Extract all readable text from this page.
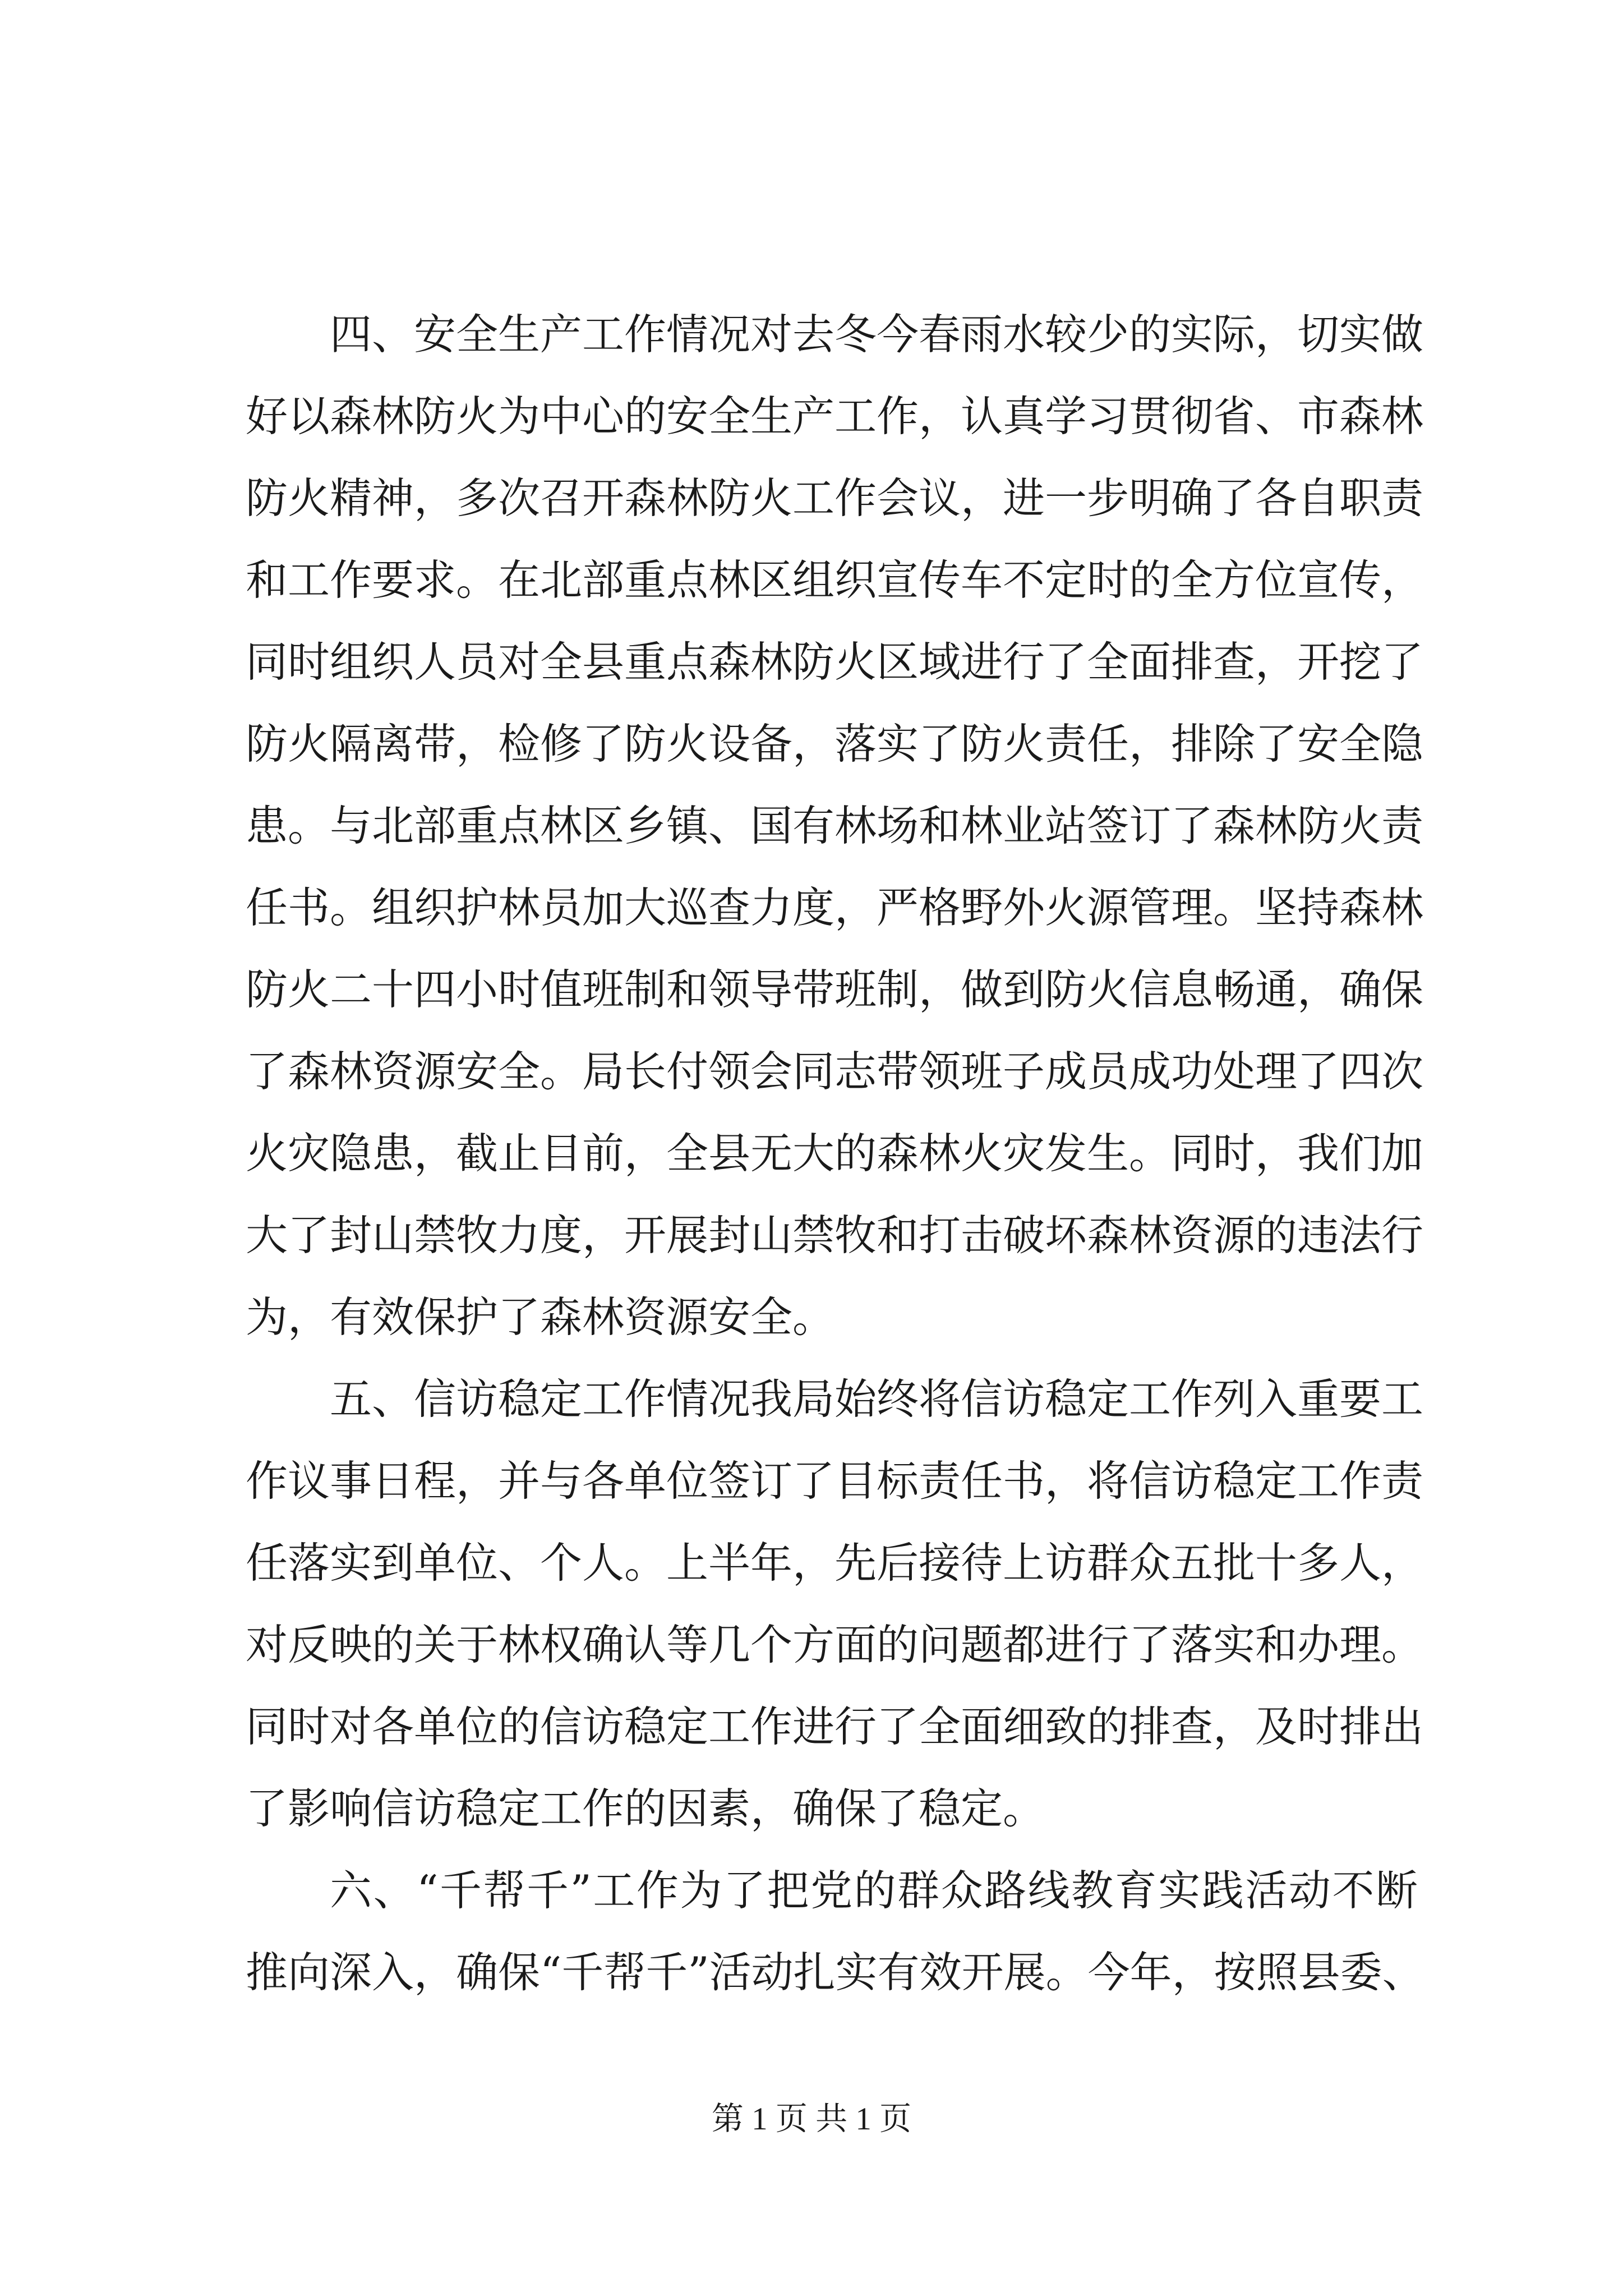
四、安全生产工作情况对去冬今春雨水较少的实际，切实做
好以森林防火为中心的安全生产工作，认真学习贯彻省、市森林
防火精神，多次召开森林防火工作会议，进一步明确了各自职责
和工作要求。在北部重点林区组织宣传车不定时的全方位宣传，
同时组织人员对全县重点森林防火区域进行了全面排查，开挖了
防火隔离带，检修了防火设备，落实了防火责任，排除了安全隐
患。与北部重点林区乡镇、国有林场和林业站签订了森林防火责
任书。组织护林员加大巡查力度，严格野外火源管理。坚持森林
防火二十四小时值班制和领导带班制，做到防火信息畅通，确保
了森林资源安全。局长付领会同志带领班子成员成功处理了四次
火灾隐患，截止目前，全县无大的森林火灾发生。同时，我们加
大了封山禁牧力度，开展封山禁牧和打击破坏森林资源的违法行
为，有效保护了森林资源安全。
五、信访稳定工作情况我局始终将信访稳定工作列入重要工
作议事日程，并与各单位签订了目标责任书，将信访稳定工作责
任落实到单位、个人。上半年，先后接待上访群众五批十多人，
对反映的关于林权确认等几个方面的问题都进行了落实和办理。
同时对各单位的信访稳定工作进行了全面细致的排查，及时排出
了影响信访稳定工作的因素，确保了稳定。
六、“千帮千”工作为了把党的群众路线教育实践活动不断
推向深入，确保“千帮千”活动扎实有效开展。今年，按照县委、
第 1 页 共 1 页
